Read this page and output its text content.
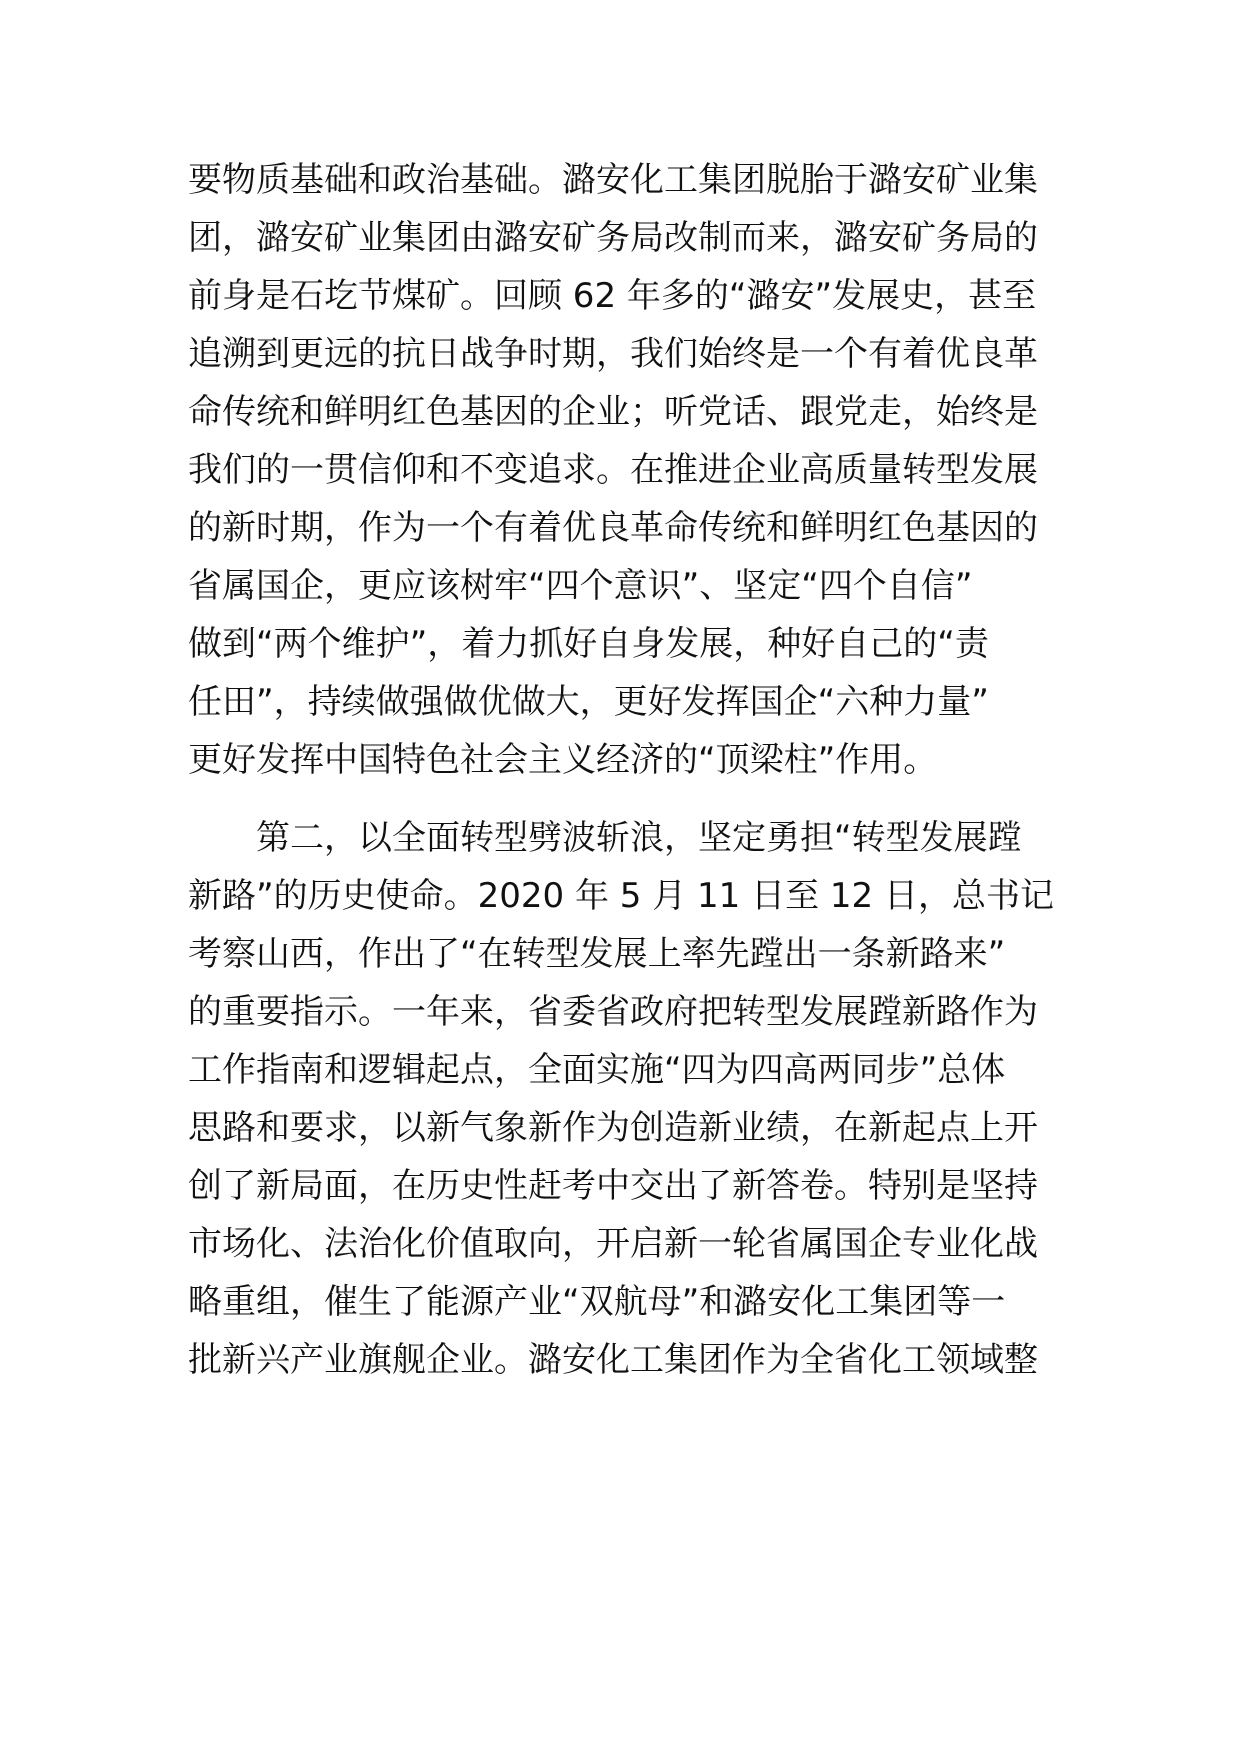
要物质基础和政治基础。潞安化工集团脱胎于潞安矿业集
团，潞安矿业集团由潞安矿务局改制而来，潞安矿务局的
前身是石圪节煤矿。回顾 62 年多的“潞安”发展史，甚至
追溯到更远的抗日战争时期，我们始终是一个有着优良革
命传统和鲜明红色基因的企业；听党话、跟党走，始终是
我们的一贯信仰和不变追求。在推进企业高质量转型发展
的新时期，作为一个有着优良革命传统和鲜明红色基因的
省属国企，更应该树牢“四个意识”、坚定“四个自信”
做到“两个维护”，着力抓好自身发展，种好自己的“责
任田”，持续做强做优做大，更好发挥国企“六种力量”
更好发挥中国特色社会主义经济的“顶梁柱”作用。
　　第二，以全面转型劈波斩浪，坚定勇担“转型发展蹚
新路”的历史使命。2020 年 5 月 11 日至 12 日，总书记
考察山西，作出了“在转型发展上率先蹚出一条新路来”
的重要指示。一年来，省委省政府把转型发展蹚新路作为
工作指南和逻辑起点，全面实施“四为四高两同步”总体
思路和要求，以新气象新作为创造新业绩，在新起点上开
创了新局面，在历史性赶考中交出了新答卷。特别是坚持
市场化、法治化价值取向，开启新一轮省属国企专业化战
略重组，催生了能源产业“双航母”和潞安化工集团等一
批新兴产业旗舰企业。潞安化工集团作为全省化工领域整
